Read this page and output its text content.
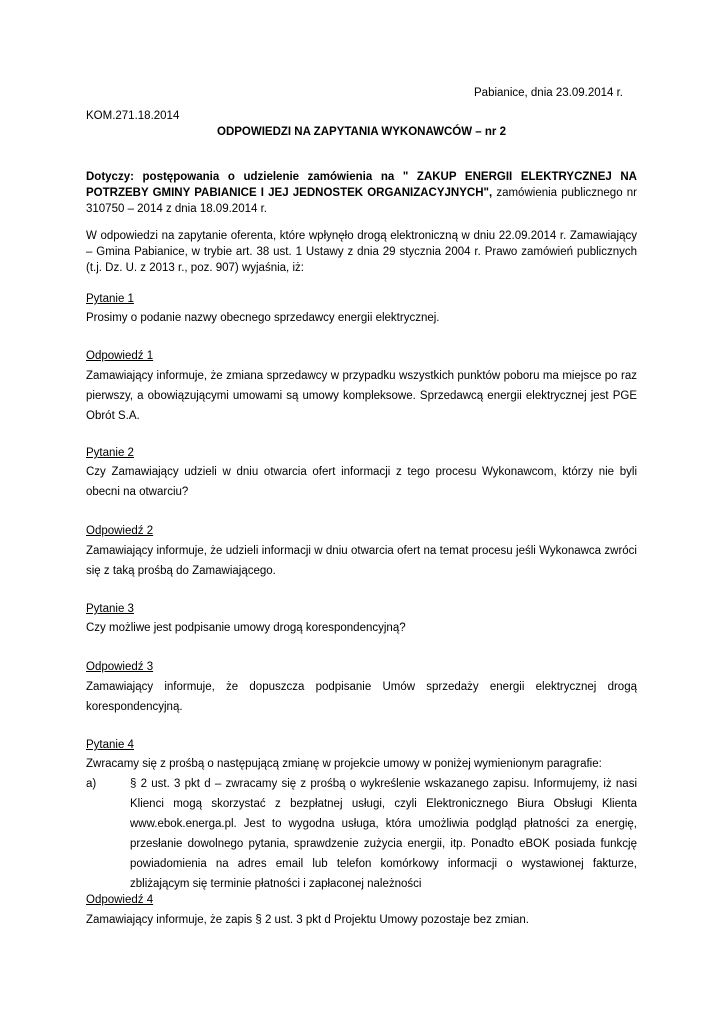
Pabianice, dnia 23.09.2014 r.
KOM.271.18.2014
ODPOWIEDZI NA ZAPYTANIA WYKONAWCÓW – nr 2
Dotyczy: postępowania o udzielenie zamówienia na " ZAKUP ENERGII ELEKTRYCZNEJ NA POTRZEBY GMINY PABIANICE I JEJ JEDNOSTEK ORGANIZACYJNYCH", zamówienia publicznego nr 310750 – 2014 z dnia 18.09.2014 r.
W odpowiedzi na zapytanie oferenta, które wpłynęło drogą elektroniczną w dniu 22.09.2014 r. Zamawiający – Gmina Pabianice, w trybie art. 38 ust. 1 Ustawy z dnia 29 stycznia 2004 r. Prawo zamówień publicznych (t.j. Dz. U. z 2013 r., poz. 907) wyjaśnia, iż:
Pytanie 1
Prosimy o podanie nazwy obecnego sprzedawcy energii elektrycznej.
Odpowiedź 1
Zamawiający informuje, że zmiana sprzedawcy w przypadku wszystkich punktów poboru ma miejsce po raz pierwszy, a obowiązującymi umowami są umowy kompleksowe. Sprzedawcą energii elektrycznej jest PGE Obrót S.A.
Pytanie 2
Czy Zamawiający udzieli w dniu otwarcia ofert informacji z tego procesu Wykonawcom, którzy nie byli obecni na otwarciu?
Odpowiedź 2
Zamawiający informuje, że udzieli informacji w dniu otwarcia ofert na temat procesu jeśli Wykonawca zwróci się z taką prośbą do Zamawiającego.
Pytanie 3
Czy możliwe jest podpisanie umowy drogą korespondencyjną?
Odpowiedź 3
Zamawiający informuje, że dopuszcza podpisanie Umów sprzedaży energii elektrycznej drogą korespondencyjną.
Pytanie 4
Zwracamy się z prośbą o następującą zmianę w projekcie umowy w poniżej wymienionym paragrafie:
a)	§ 2 ust. 3 pkt d – zwracamy się z prośbą o wykreślenie wskazanego zapisu. Informujemy, iż nasi Klienci mogą skorzystać z bezpłatnej usługi, czyli Elektronicznego Biura Obsługi Klienta www.ebok.energa.pl. Jest to wygodna usługa, która umożliwia podgląd płatności za energię, przesłanie dowolnego pytania, sprawdzenie zużycia energii, itp. Ponadto eBOK posiada funkcję powiadomienia na adres email lub telefon komórkowy informacji o wystawionej fakturze, zbliżającym się terminie płatności i zapłaconej należności
Odpowiedź 4
Zamawiający informuje, że zapis § 2 ust. 3 pkt d Projektu Umowy pozostaje bez zmian.
